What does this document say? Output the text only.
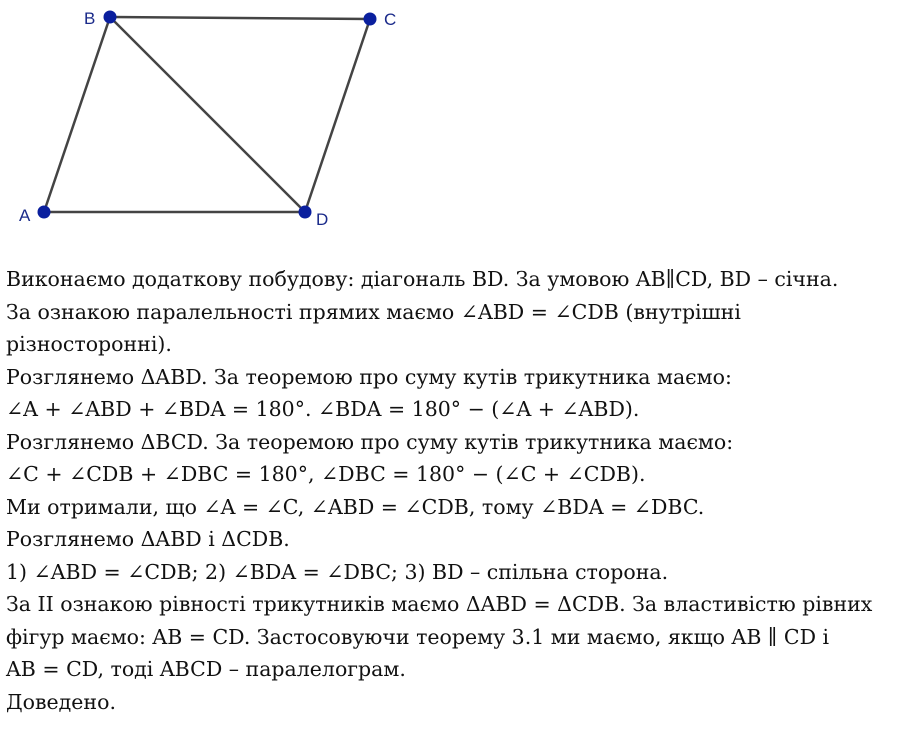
A
B	C
D
Виконаємо додаткову побудову: діагональ BD. За умовою AB∥CD, BD – січна.
За ознакою паралельності прямих маємо ∠ABD = ∠CDB (внутрішні
різносторонні).
Розглянемо ΔABD. За теоремою про суму кутів трикутника маємо:
∠A + ∠ABD + ∠BDA = 180°. ∠BDA = 180° − (∠A + ∠ABD).
Розглянемо ΔBCD. За теоремою про суму кутів трикутника маємо:
∠C + ∠CDB + ∠DBC = 180°, ∠DBC = 180° − (∠C + ∠CDB).
Ми отримали, що ∠A = ∠C, ∠ABD = ∠CDB, тому ∠BDA = ∠DBC.
Розглянемо ΔABD і ΔCDB.
1) ∠ABD = ∠CDB; 2) ∠BDA = ∠DBC; 3) BD – спільна сторона.
За II ознакою рівності трикутників маємо ΔABD = ΔCDB. За властивістю рівних
фігур маємо: AB = CD. Застосовуючи теорему 3.1 ми маємо, якщо AB ∥ CD і
AB = CD, тоді ABCD – паралелограм.
Доведено.
